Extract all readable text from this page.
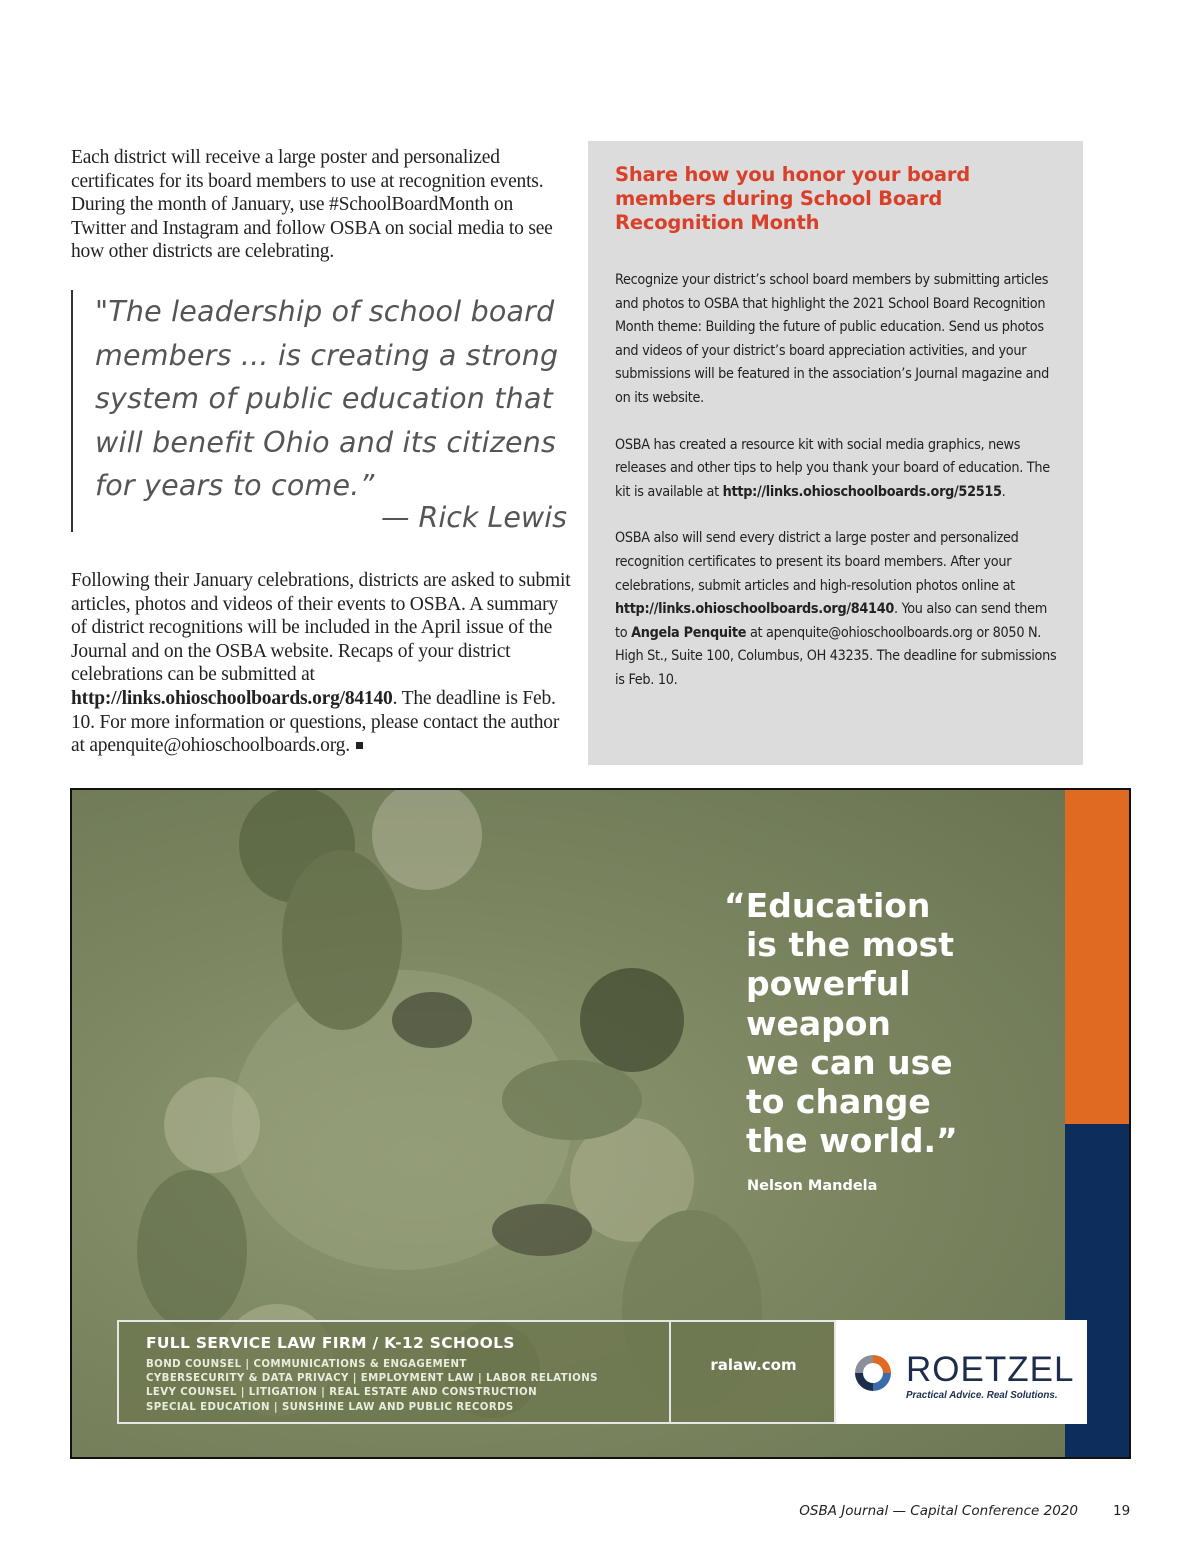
Each district will receive a large poster and personalized certificates for its board members to use at recognition events. During the month of January, use #SchoolBoardMonth on Twitter and Instagram and follow OSBA on social media to see how other districts are celebrating.
"The leadership of school board members ... is creating a strong system of public education that will benefit Ohio and its citizens for years to come.”
— Rick Lewis
Following their January celebrations, districts are asked to submit articles, photos and videos of their events to OSBA. A summary of district recognitions will be included in the April issue of the Journal and on the OSBA website. Recaps of your district celebrations can be submitted at http://links.ohioschoolboards.org/84140. The deadline is Feb. 10. For more information or questions, please contact the author at apenquite@ohioschoolboards.org.
Share how you honor your board members during School Board Recognition Month

Recognize your district’s school board members by submitting articles and photos to OSBA that highlight the 2021 School Board Recognition Month theme: Building the future of public education. Send us photos and videos of your district’s board appreciation activities, and your submissions will be featured in the association’s Journal magazine and on its website.

OSBA has created a resource kit with social media graphics, news releases and other tips to help you thank your board of education. The kit is available at http://links.ohioschoolboards.org/52515.

OSBA also will send every district a large poster and personalized recognition certificates to present its board members. After your celebrations, submit articles and high-resolution photos online at http://links.ohioschoolboards.org/84140. You also can send them to Angela Penquite at apenquite@ohioschoolboards.org or 8050 N. High St., Suite 100, Columbus, OH 43235. The deadline for submissions is Feb. 10.

“Education
is the most
powerful
weapon
we can use
to change
the world.”
Nelson Mandela
FULL SERVICE LAW FIRM / K-12 SCHOOLS
BOND COUNSEL | COMMUNICATIONS & ENGAGEMENT
CYBERSECURITY & DATA PRIVACY | EMPLOYMENT LAW | LABOR RELATIONS
LEVY COUNSEL | LITIGATION | REAL ESTATE AND CONSTRUCTION
SPECIAL EDUCATION | SUNSHINE LAW AND PUBLIC RECORDS
ralaw.com	ROETZEL
Practical Advice. Real Solutions.
OSBA Journal — Capital Conference 2020	19
